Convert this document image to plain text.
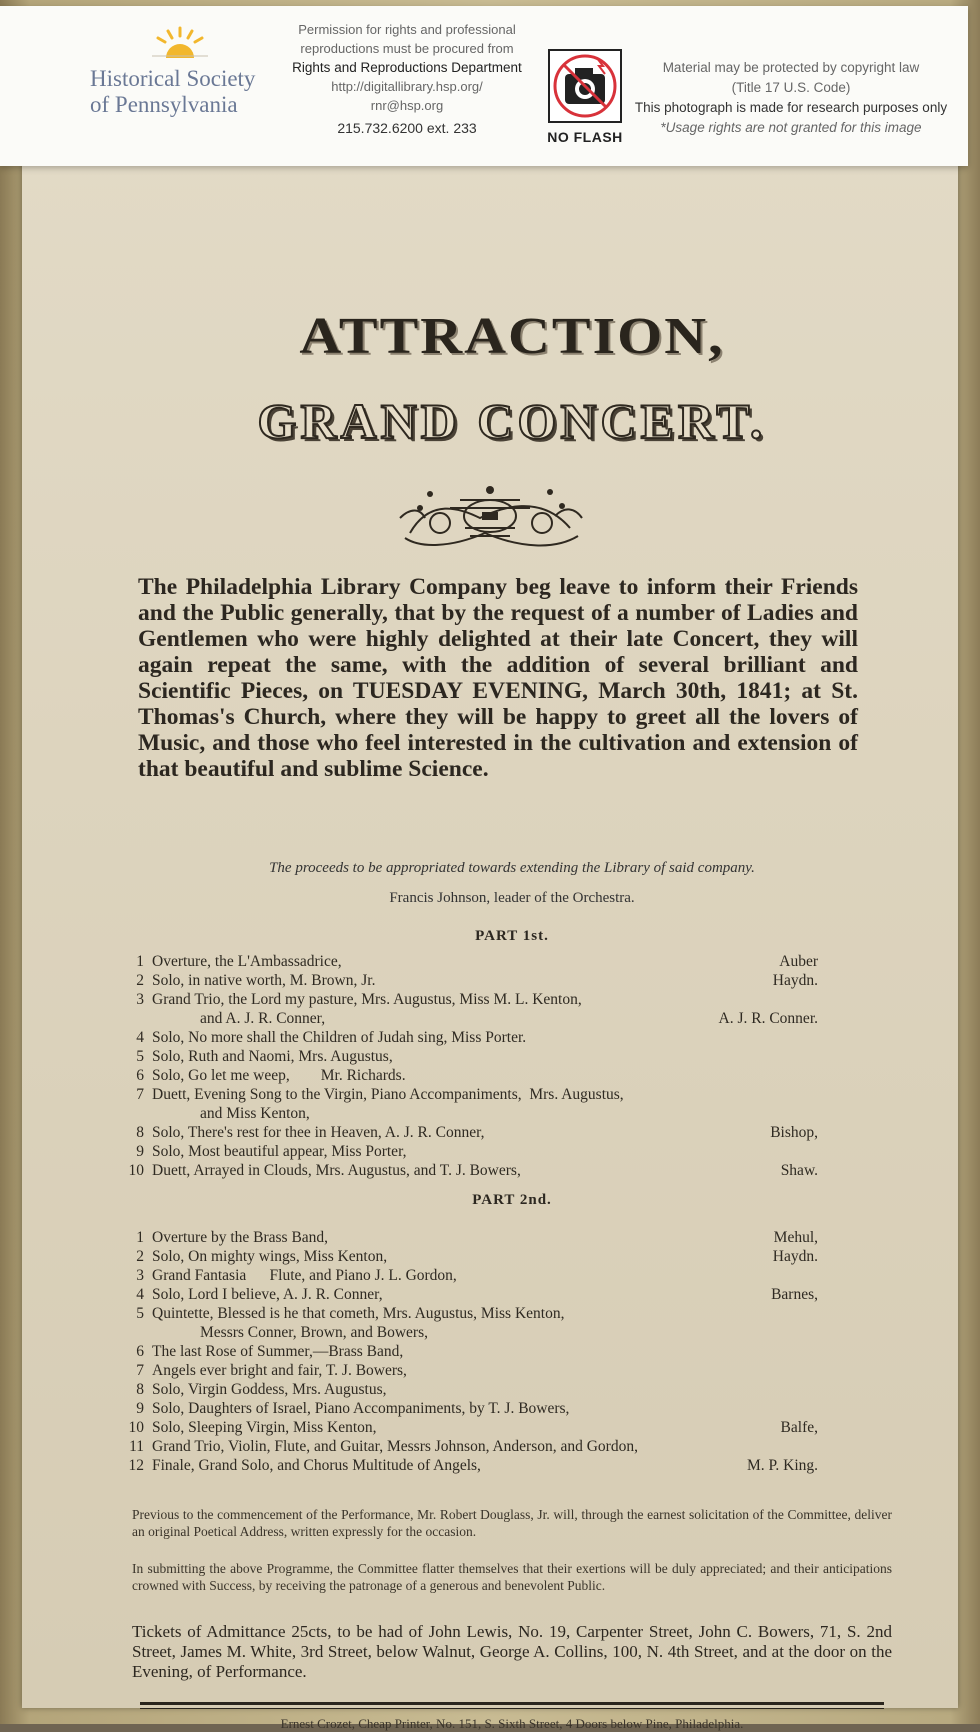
ATTRACTION,
GRAND CONCERT.
The Philadelphia Library Company beg leave to inform their Friends and the Public generally, that by the request of a number of Ladies and Gentlemen who were highly delighted at their late Concert, they will again repeat the same, with the addition of several brilliant and Scientific Pieces, on TUESDAY EVENING, March 30th, 1841; at St. Thomas's Church, where they will be happy to greet all the lovers of Music, and those who feel interested in the cultivation and extension of that beautiful and sublime Science.
The proceeds to be appropriated towards extending the Library of said company.
Francis Johnson, leader of the Orchestra.
PART 1st.
1 Overture, the L'Ambassadrice,	Auber
2 Solo, in native worth, M. Brown, Jr.	Haydn.
3 Grand Trio, the Lord my pasture, Mrs. Augustus, Miss M. L. Kenton,
and A. J. R. Conner,	A. J. R. Conner.
4 Solo, No more shall the Children of Judah sing, Miss Porter.
5 Solo, Ruth and Naomi, Mrs. Augustus,
6 Solo, Go let me weep,        Mr. Richards.
7 Duett, Evening Song to the Virgin, Piano Accompaniments,  Mrs. Augustus,
and Miss Kenton,
8 Solo, There's rest for thee in Heaven, A. J. R. Conner,	Bishop,
9 Solo, Most beautiful appear, Miss Porter,
10 Duett, Arrayed in Clouds, Mrs. Augustus, and T. J. Bowers,	Shaw.
PART 2nd.
1 Overture by the Brass Band,	Mehul,
2 Solo, On mighty wings, Miss Kenton,	Haydn.
3 Grand Fantasia      Flute, and Piano J. L. Gordon,
4 Solo, Lord I believe, A. J. R. Conner,	Barnes,
5 Quintette, Blessed is he that cometh, Mrs. Augustus, Miss Kenton,
Messrs Conner, Brown, and Bowers,
6 The last Rose of Summer,—Brass Band,
7 Angels ever bright and fair, T. J. Bowers,
8 Solo, Virgin Goddess, Mrs. Augustus,
9 Solo, Daughters of Israel, Piano Accompaniments, by T. J. Bowers,
10 Solo, Sleeping Virgin, Miss Kenton,	Balfe,
11 Grand Trio, Violin, Flute, and Guitar, Messrs Johnson, Anderson, and Gordon,
12 Finale, Grand Solo, and Chorus Multitude of Angels,	M. P. King.
Previous to the commencement of the Performance, Mr. Robert Douglass, Jr. will, through the earnest solicitation of the Committee, deliver an original Poetical Address, written expressly for the occasion.
In submitting the above Programme, the Committee flatter themselves that their exertions will be duly appreciated; and their anticipations crowned with Success, by receiving the patronage of a generous and benevolent Public.
Tickets of Admittance 25cts, to be had of John Lewis, No. 19, Carpenter Street, John C. Bowers, 71, S. 2nd Street, James M. White, 3rd Street, below Walnut, George A. Collins, 100, N. 4th Street, and at the door on the Evening, of Performance.
Ernest Crozet, Cheap Printer, No. 151, S. Sixth Street, 4 Doors below Pine, Philadelphia.
Historical Society
of Pennsylvania
Permission for rights and professional
reproductions must be procured from
Rights and Reproductions Department
http://digitallibrary.hsp.org/
rnr@hsp.org
215.732.6200 ext. 233
NO FLASH
Material may be protected by copyright law
(Title 17 U.S. Code)
This photograph is made for research purposes only
*Usage rights are not granted for this image
